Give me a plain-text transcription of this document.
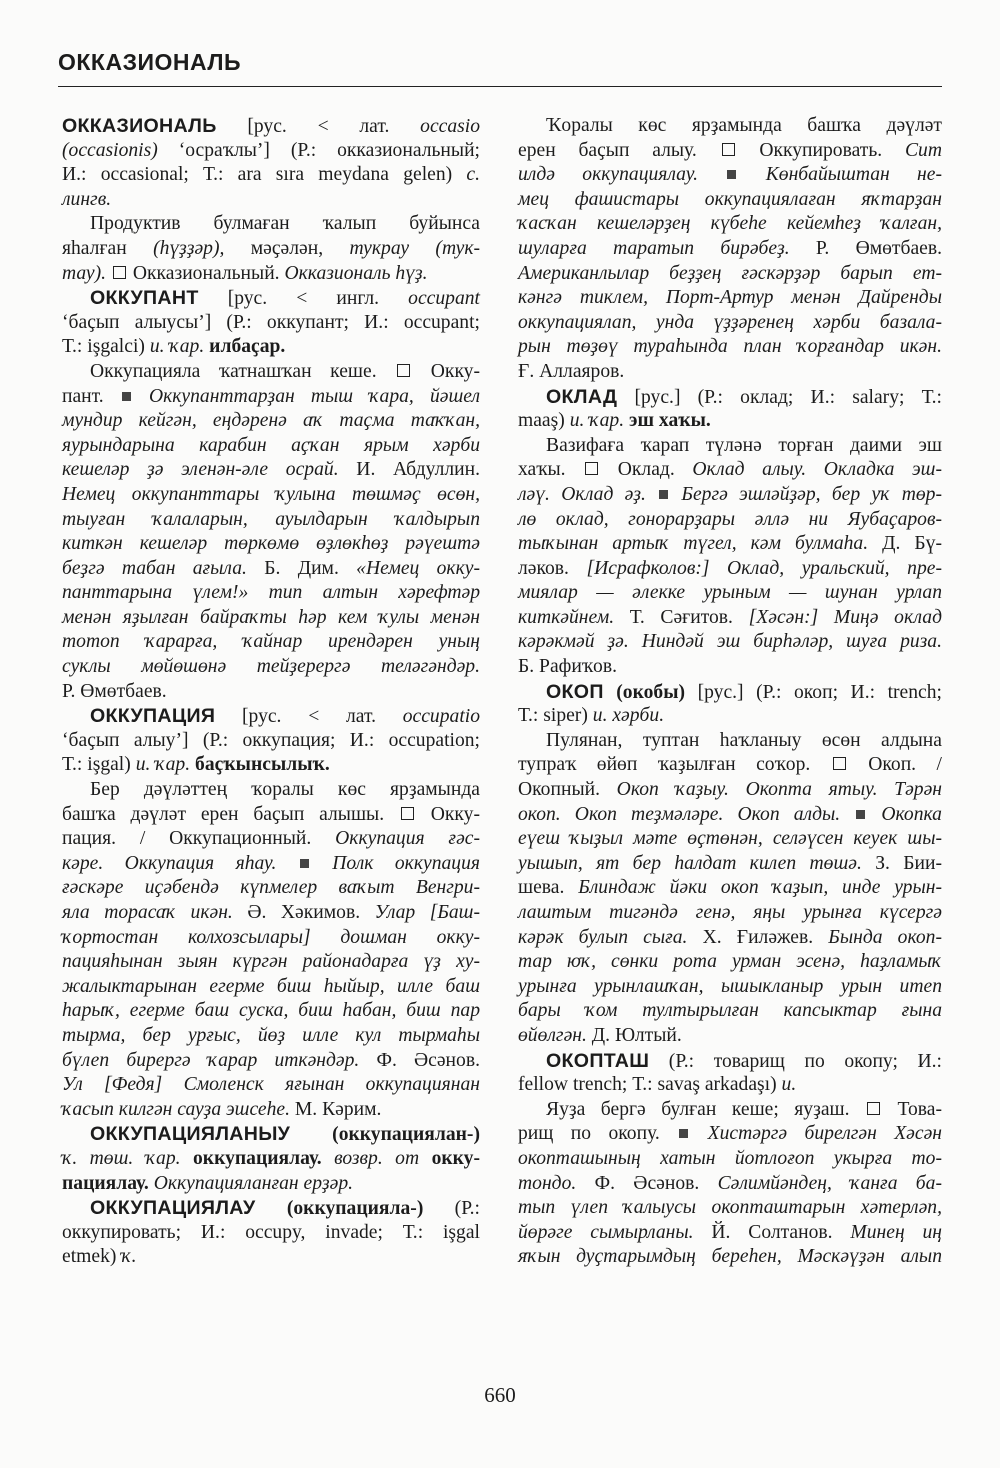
ОККАЗИОНАЛЬ
ОККАЗИОНАЛЬ [рус. < лат. occasio
(occasionis) ‘осраҡлы’] (Р.: окказиональный;
И.: occasional; Т.: ara sıra meydana gelen) с.
лингв.
Продуктив булмаған ҡалып буйынса
яһалған (һүҙҙәр), мәҫәлән, тукрау (тук-
тау).  Окказиональный. Окказиональ һүҙ.
ОККУПАНТ [рус. < ингл. occupant
‘баҫып алыусы’] (Р.: оккупант; И.: occupant;
Т.: işgalci) и. ҡар. илбаҫар.
Оккупацияла ҡатнашҡан кеше.  Окку-
пант.  Оккупанттарҙан тыш ҡара, йәшел
мундир кейгән, еңдәренә аҡ таҫма таҡҡан,
яурындарына карабин аҫҡан ярым хәрби
кешеләр ҙә эленән-әле осрай. И. Абдуллин.
Немец оккупанттары ҡулына төшмәҫ өсөн,
тыуған ҡалаларын, ауылдарын ҡалдырып
киткән кешеләр төркөмө өҙлөкһөҙ рәүештә
беҙгә табан ағыла. Б. Дим. «Немец окку-
панттарына үлем!» тип алтын хәрефтәр
менән яҙылған байраҡты һәр кем ҡулы менән
тотоп ҡарарға, ҡайнар ирендәрен уның
суклы мөйөшөнә тейҙерергә теләгәндәр.
Р. Өмөтбаев.
ОККУПАЦИЯ [рус. < лат. occupatio
‘баҫып алыу’] (Р.: оккупация; И.: occupation;
Т.: işgal) и. ҡар. баҫҡынсылыҡ.
Бер дәүләттең ҡоралы көс ярҙамында
башҡа дәүләт ерен баҫып алышы.  Окку-
пация. / Оккупационный. Оккупация ғәс-
кәре. Оккупация яһау.	Полк оккупация
ғәскәре иҫәбендә күпмелер ваҡыт Венгри-
яла торасаҡ икән. Ә. Хәкимов. Улар [Баш-
ҡортостан колхозсылары] дошман окку-
пацияһынан зыян күргән районадарға үҙ ху-
жалыктарынан егерме биш һыйыр, илле баш
һарыҡ, егерме баш суска, биш һабан, биш пар
тырма, бер урғыс, йөҙ илле кул тырмаһы
бүлеп бирергә ҡарар иткәндәр. Ф. Әсәнов.
Ул [Федя] Смоленск яғынан оккупациянан
ҡасып килгән сауҙа эшсеһе. М. Кәрим.
ОККУПАЦИЯЛАНЫУ (оккупациялан-)
ҡ. төш. ҡар. оккупациялау. возвр. от окку-
пациялау. Оккупацияланған ерҙәр.
ОККУПАЦИЯЛАУ (оккупацияла-) (Р.:
оккупировать; И.: occupy, invade; Т.: işgal
etmek) ҡ.
Ҡоралы көс ярҙамында башҡа дәүләт
ерен баҫып алыу.  Оккупировать. Сит
илдә оккупациялау.	Көнбайыштан не-
мец фашистары оккупациялаған яҡтарҙан
ҡасҡан кешеләрҙең күбеһе кейемһеҙ ҡалған,
шуларға таратып бирәбеҙ. Р. Өмөтбаев.
Американлылар беҙҙең ғәскәрҙәр барып ет-
кәнгә тиклем, Порт-Артур менән Дайренды
оккупациялап, унда үҙҙәренең хәрби базала-
рын төҙөү тураһында план ҡорғандар икән.
Ғ. Аллаяров.
ОКЛАД [рус.] (Р.: оклад; И.: salary; Т.:
maaş) и. ҡар. эш хаҡы.
Вазифаға ҡарап түләнә торған даими эш
хаҡы.  Оклад. Оклад алыу. Окладка эш-
ләү. Оклад әҙ. Бергә эшләйҙәр, бер уҡ төр-
лө оклад, гонорарҙары әллә ни Яубаҫаров-
тыҡынан артыҡ түгел, кәм булмаһа. Д. Бү-
ләков. [Исрафколов:] Оклад, уральский, пре-
миялар — әлекке урыным — шунан урлап
киткәйнем. Т. Сәғитов. [Хәсән:] Миңә оклад
кәрәкмәй ҙә. Ниндәй эш бирһәләр, шуға риза.
Б. Рафиҡов.
ОКОП (окобы) [рус.] (Р.: окоп; И.: trench;
Т.: siper) и. хәрби.
Пулянан, туптан һаҡланыу өсөн алдына
тупраҡ өйөп ҡаҙылған соҡор.  Окоп. /
Окопный. Окоп ҡаҙыу. Окопта ятыу. Тәрән
окоп. Окоп теҙмәләре. Окоп алды. Окопка
еүеш ҡыҙыл мәте өҫтөнән, селәүсен кеуек шы-
уышып, ят бер һалдат килеп төшә. З. Бии-
шева. Блиндаж йәки окоп ҡаҙып, инде урын-
лаштым тигәндә генә, яңы урынға күсергә
кәрәк булып сыға. Х. Ғиләжев. Бында окоп-
тар юҡ, сөнки рота урман эсенә, һаҙламыҡ
урынға урынлашҡан, ышыкланыр урын итеп
бары ҡом тултырылған капсыктар ғына
өйөлгән. Д. Юлтый.
ОКОПТАШ (Р.: товарищ по окопу; И.:
fellow trench; Т.: savaş arkadaşı) и.
Яуҙа бергә булған кеше; яуҙаш.  Това-
рищ по окопу.  Хистәргә бирелгән Хәсән
окопташының хатын йотлоғоп укырға то-
тондо. Ф. Әсәнов. Сәлимйәндең, ҡанға ба-
тып үлеп ҡалыусы окопташтарын хәтерләп,
йөрәге сымырланы. Й. Солтанов. Минең иң
яҡын дуҫтарымдың береһен, Мәскәүҙән алып
660
